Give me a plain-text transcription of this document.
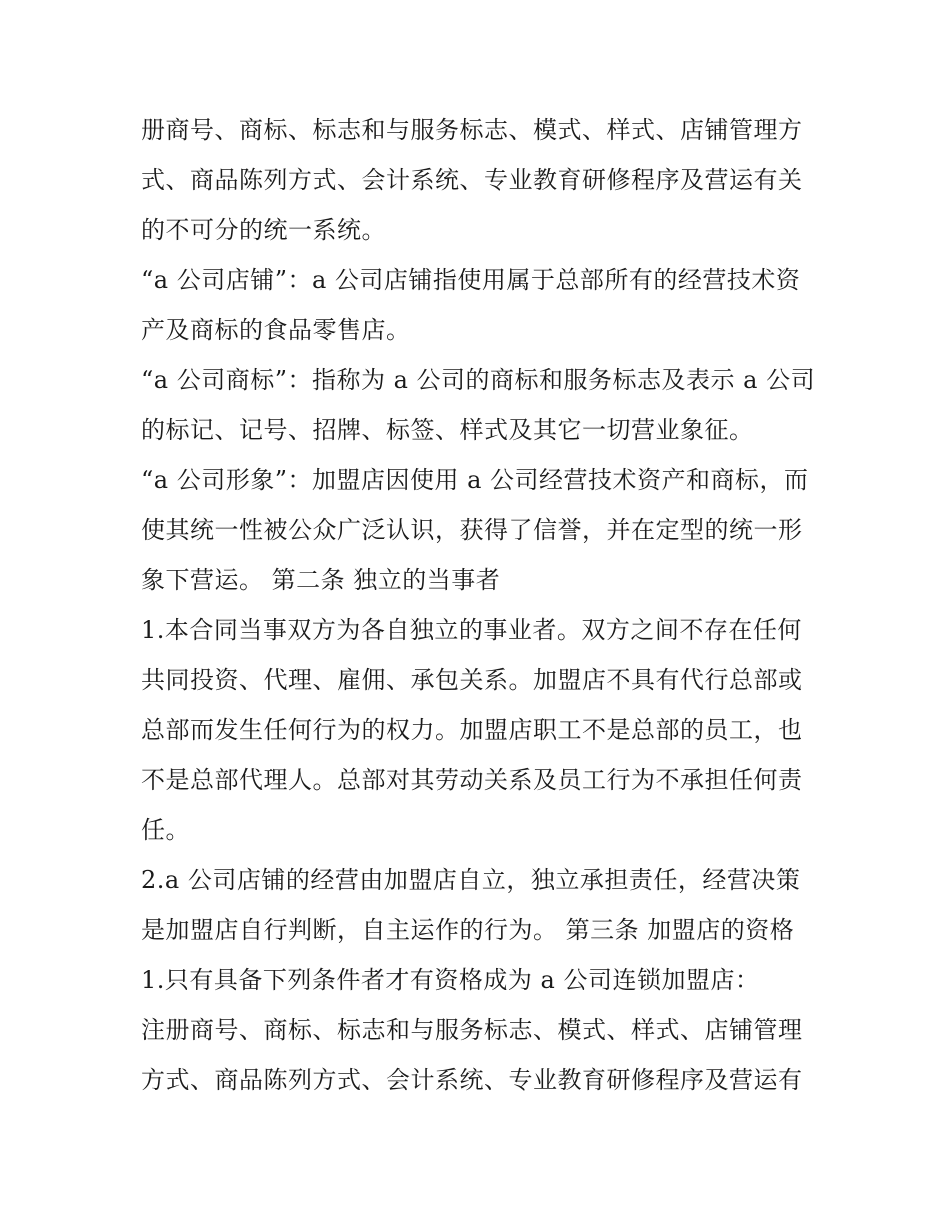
册商号、商标、标志和与服务标志、模式、样式、店铺管理方
式、商品陈列方式、会计系统、专业教育研修程序及营运有关
的不可分的统一系统。
“a 公司店铺”：a 公司店铺指使用属于总部所有的经营技术资
产及商标的食品零售店。
“a 公司商标”：指称为 a 公司的商标和服务标志及表示 a 公司
的标记、记号、招牌、标签、样式及其它一切营业象征。
“a 公司形象”：加盟店因使用 a 公司经营技术资产和商标，而
使其统一性被公众广泛认识，获得了信誉，并在定型的统一形
象下营运。 第二条 独立的当事者
1.本合同当事双方为各自独立的事业者。双方之间不存在任何
共同投资、代理、雇佣、承包关系。加盟店不具有代行总部或
总部而发生任何行为的权力。加盟店职工不是总部的员工，也
不是总部代理人。总部对其劳动关系及员工行为不承担任何责
任。
2.a 公司店铺的经营由加盟店自立，独立承担责任，经营决策
是加盟店自行判断，自主运作的行为。 第三条 加盟店的资格
1.只有具备下列条件者才有资格成为 a 公司连锁加盟店：
注册商号、商标、标志和与服务标志、模式、样式、店铺管理
方式、商品陈列方式、会计系统、专业教育研修程序及营运有
